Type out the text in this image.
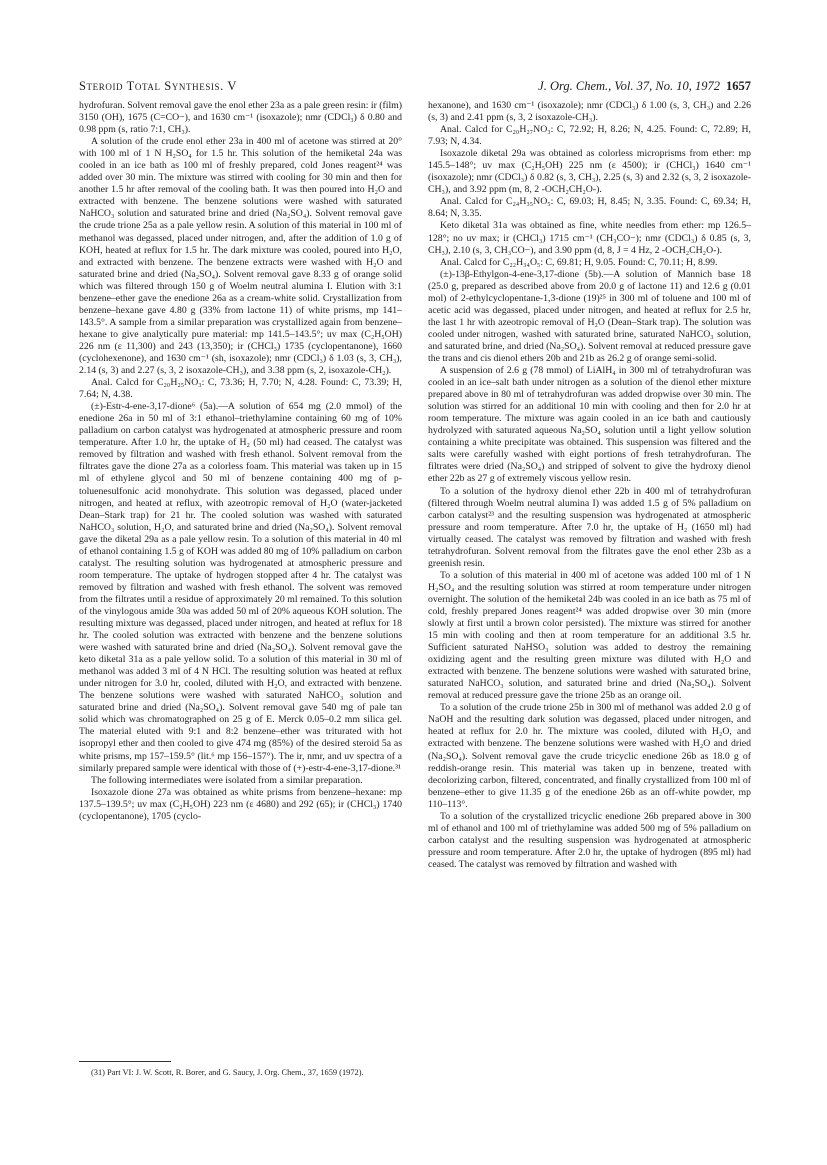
Steroid Total Synthesis. V	J. Org. Chem., Vol. 37, No. 10, 1972 1657

hydrofuran. Solvent removal gave the enol ether 23a as a pale green resin: ir (film) 3150 (OH), 1675 (C=CO−), and 1630 cm⁻¹ (isoxazole); nmr (CDCl₃) δ 0.80 and 0.98 ppm (s, ratio 7:1, CH₃).

A solution of the crude enol ether 23a in 400 ml of acetone was stirred at 20° with 100 ml of 1 N H₂SO₄ for 1.5 hr. This solution of the hemiketal 24a was cooled in an ice bath as 100 ml of freshly prepared, cold Jones reagent²⁴ was added over 30 min. The mixture was stirred with cooling for 30 min and then for another 1.5 hr after removal of the cooling bath. It was then poured into H₂O and extracted with benzene. The benzene solutions were washed with saturated NaHCO₃ solution and saturated brine and dried (Na₂SO₄). Solvent removal gave the crude trione 25a as a pale yellow resin. A solution of this material in 100 ml of methanol was degassed, placed under nitrogen, and, after the addition of 1.0 g of KOH, heated at reflux for 1.5 hr. The dark mixture was cooled, poured into H₂O, and extracted with benzene. The benzene extracts were washed with H₂O and saturated brine and dried (Na₂SO₄). Solvent removal gave 8.33 g of orange solid which was filtered through 150 g of Woelm neutral alumina I. Elution with 3:1 benzene–ether gave the enedione 26a as a cream-white solid. Crystallization from benzene–hexane gave 4.80 g (33% from lactone 11) of white prisms, mp 141–143.5°. A sample from a similar preparation was crystallized again from benzene–hexane to give analytically pure material: mp 141.5–143.5°; uv max (C₂H₅OH) 226 nm (ε 11,300) and 243 (13,350); ir (CHCl₃) 1735 (cyclopentanone), 1660 (cyclohexenone), and 1630 cm⁻¹ (sh, isoxazole); nmr (CDCl₃) δ 1.03 (s, 3, CH₃), 2.14 (s, 3) and 2.27 (s, 3, 2 isoxazole-CH₃), and 3.38 ppm (s, 2, isoxazole-CH₂).

Anal. Calcd for C₂₀H₂₅NO₃: C, 73.36; H, 7.70; N, 4.28. Found: C, 73.39; H, 7.64; N, 4.38.

(±)-Estr-4-ene-3,17-dione⁶ (5a).—A solution of 654 mg (2.0 mmol) of the enedione 26a in 50 ml of 3:1 ethanol–triethylamine containing 60 mg of 10% palladium on carbon catalyst was hydrogenated at atmospheric pressure and room temperature. After 1.0 hr, the uptake of H₂ (50 ml) had ceased. The catalyst was removed by filtration and washed with fresh ethanol. Solvent removal from the filtrates gave the dione 27a as a colorless foam. This material was taken up in 15 ml of ethylene glycol and 50 ml of benzene containing 400 mg of p-toluenesulfonic acid monohydrate. This solution was degassed, placed under nitrogen, and heated at reflux, with azeotropic removal of H₂O (water-jacketed Dean–Stark trap) for 21 hr. The cooled solution was washed with saturated NaHCO₃ solution, H₂O, and saturated brine and dried (Na₂SO₄). Solvent removal gave the diketal 29a as a pale yellow resin. To a solution of this material in 40 ml of ethanol containing 1.5 g of KOH was added 80 mg of 10% palladium on carbon catalyst. The resulting solution was hydrogenated at atmospheric pressure and room temperature. The uptake of hydrogen stopped after 4 hr. The catalyst was removed by filtration and washed with fresh ethanol. The solvent was removed from the filtrates until a residue of approximately 20 ml remained. To this solution of the vinylogous amide 30a was added 50 ml of 20% aqueous KOH solution. The resulting mixture was degassed, placed under nitrogen, and heated at reflux for 18 hr. The cooled solution was extracted with benzene and the benzene solutions were washed with saturated brine and dried (Na₂SO₄). Solvent removal gave the keto diketal 31a as a pale yellow solid. To a solution of this material in 30 ml of methanol was added 3 ml of 4 N HCl. The resulting solution was heated at reflux under nitrogen for 3.0 hr, cooled, diluted with H₂O, and extracted with benzene. The benzene solutions were washed with saturated NaHCO₃ solution and saturated brine and dried (Na₂SO₄). Solvent removal gave 540 mg of pale tan solid which was chromatographed on 25 g of E. Merck 0.05–0.2 mm silica gel. The material eluted with 9:1 and 8:2 benzene–ether was triturated with hot isopropyl ether and then cooled to give 474 mg (85%) of the desired steroid 5a as white prisms, mp 157–159.5° (lit.⁶ mp 156–157°). The ir, nmr, and uv spectra of a similarly prepared sample were identical with those of (+)-estr-4-ene-3,17-dione.³¹

The following intermediates were isolated from a similar preparation.

Isoxazole dione 27a was obtained as white prisms from benzene–hexane: mp 137.5–139.5°; uv max (C₂H₅OH) 223 nm (ε 4680) and 292 (65); ir (CHCl₃) 1740 (cyclopentanone), 1705 (cyclo-

hexanone), and 1630 cm⁻¹ (isoxazole); nmr (CDCl₃) δ 1.00 (s, 3, CH₃) and 2.26 (s, 3) and 2.41 ppm (s, 3, 2 isoxazole-CH₃).

Anal. Calcd for C₂₀H₂₇NO₃: C, 72.92; H, 8.26; N, 4.25. Found: C, 72.89; H, 7.93; N, 4.34.

Isoxazole diketal 29a was obtained as colorless microprisms from ether: mp 145.5–148°; uv max (C₂H₅OH) 225 nm (ε 4500); ir (CHCl₃) 1640 cm⁻¹ (isoxazole); nmr (CDCl₃) δ 0.82 (s, 3, CH₃), 2.25 (s, 3) and 2.32 (s, 3, 2 isoxazole-CH₃), and 3.92 ppm (m, 8, 2 -OCH₂CH₂O-).

Anal. Calcd for C₂₄H₃₅NO₅: C, 69.03; H, 8.45; N, 3.35. Found: C, 69.34; H, 8.64; N, 3.35.

Keto diketal 31a was obtained as fine, white needles from ether: mp 126.5–128°; no uv max; ir (CHCl₃) 1715 cm⁻¹ (CH₃CO−); nmr (CDCl₃) δ 0.85 (s, 3, CH₃), 2.10 (s, 3, CH₃CO−), and 3.90 ppm (d, 8, J = 4 Hz, 2 -OCH₂CH₂O-).

Anal. Calcd for C₂₂H₃₄O₅: C, 69.81; H, 9.05. Found: C, 70.11; H, 8.99.

(±)-13β-Ethylgon-4-ene-3,17-dione (5b).—A solution of Mannich base 18 (25.0 g, prepared as described above from 20.0 g of lactone 11) and 12.6 g (0.01 mol) of 2-ethylcyclopentane-1,3-dione (19)²⁵ in 300 ml of toluene and 100 ml of acetic acid was degassed, placed under nitrogen, and heated at reflux for 2.5 hr, the last 1 hr with azeotropic removal of H₂O (Dean–Stark trap). The solution was cooled under nitrogen, washed with saturated brine, saturated NaHCO₃ solution, and saturated brine, and dried (Na₂SO₄). Solvent removal at reduced pressure gave the trans and cis dienol ethers 20b and 21b as 26.2 g of orange semi-solid.

A suspension of 2.6 g (78 mmol) of LiAlH₄ in 300 ml of tetrahydrofuran was cooled in an ice–salt bath under nitrogen as a solution of the dienol ether mixture prepared above in 80 ml of tetrahydrofuran was added dropwise over 30 min. The solution was stirred for an additional 10 min with cooling and then for 2.0 hr at room temperature. The mixture was again cooled in an ice bath and cautiously hydrolyzed with saturated aqueous Na₂SO₄ solution until a light yellow solution containing a white precipitate was obtained. This suspension was filtered and the salts were carefully washed with eight portions of fresh tetrahydrofuran. The filtrates were dried (Na₂SO₄) and stripped of solvent to give the hydroxy dienol ether 22b as 27 g of extremely viscous yellow resin.

To a solution of the hydroxy dienol ether 22b in 400 ml of tetrahydrofuran (filtered through Woelm neutral alumina I) was added 1.5 g of 5% palladium on carbon catalyst²³ and the resulting suspension was hydrogenated at atmospheric pressure and room temperature. After 7.0 hr, the uptake of H₂ (1650 ml) had virtually ceased. The catalyst was removed by filtration and washed with fresh tetrahydrofuran. Solvent removal from the filtrates gave the enol ether 23b as a greenish resin.

To a solution of this material in 400 ml of acetone was added 100 ml of 1 N H₂SO₄ and the resulting solution was stirred at room temperature under nitrogen overnight. The solution of the hemiketal 24b was cooled in an ice bath as 75 ml of cold, freshly prepared Jones reagent²⁴ was added dropwise over 30 min (more slowly at first until a brown color persisted). The mixture was stirred for another 15 min with cooling and then at room temperature for an additional 3.5 hr. Sufficient saturated NaHSO₃ solution was added to destroy the remaining oxidizing agent and the resulting green mixture was diluted with H₂O and extracted with benzene. The benzene solutions were washed with saturated brine, saturated NaHCO₃ solution, and saturated brine and dried (Na₂SO₄). Solvent removal at reduced pressure gave the trione 25b as an orange oil.

To a solution of the crude trione 25b in 300 ml of methanol was added 2.0 g of NaOH and the resulting dark solution was degassed, placed under nitrogen, and heated at reflux for 2.0 hr. The mixture was cooled, diluted with H₂O, and extracted with benzene. The benzene solutions were washed with H₂O and dried (Na₂SO₄). Solvent removal gave the crude tricyclic enedione 26b as 18.0 g of reddish-orange resin. This material was taken up in benzene, treated with decolorizing carbon, filtered, concentrated, and finally crystallized from 100 ml of benzene–ether to give 11.35 g of the enedione 26b as an off-white powder, mp 110–113°.

To a solution of the crystallized tricyclic enedione 26b prepared above in 300 ml of ethanol and 100 ml of triethylamine was added 500 mg of 5% palladium on carbon catalyst and the resulting suspension was hydrogenated at atmospheric pressure and room temperature. After 2.0 hr, the uptake of hydrogen (895 ml) had ceased. The catalyst was removed by filtration and washed with

(31) Part VI: J. W. Scott, R. Borer, and G. Saucy, J. Org. Chem., 37, 1659 (1972).
